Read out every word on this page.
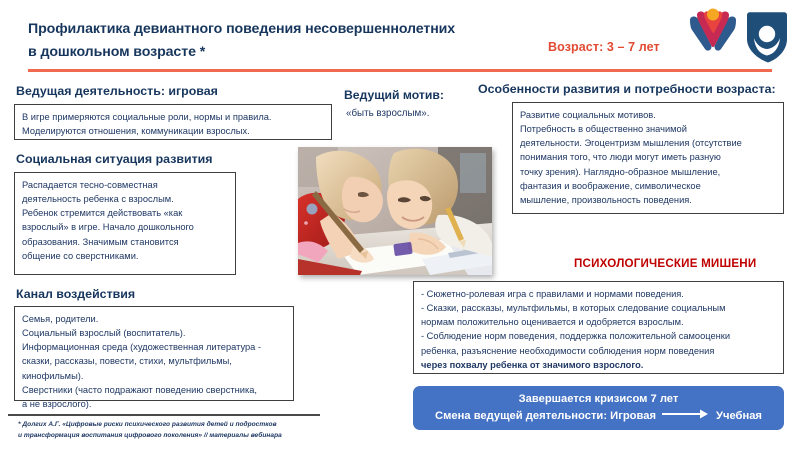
Профилактика девиантного поведения несовершеннолетних
в дошкольном возрасте *	Возраст: 3 – 7 лет
Ведущая деятельность: игровая

В игре примеряются социальные роли, нормы и правила.

Моделируются отношения, коммуникации взрослых.

Социальная ситуация развития

Распадается тесно-совместная

деятельность ребенка с взрослым.

Ребенок стремится действовать «как

взрослый» в игре. Начало дошкольного

образования. Значимым становится

общение со сверстниками.

Канал воздействия

Семья, родители.

Социальный взрослый (воспитатель).

Информационная среда (художественная литература -

сказки, рассказы, повести, стихи, мультфильмы,

кинофильмы).

Сверстники (часто подражают поведению сверстника,

а не взрослого).

Ведущий мотив:
«быть взрослым».
Особенности развития и потребности возраста:

Развитие социальных мотивов.

Потребность в общественно значимой

деятельности. Эгоцентризм мышления (отсутствие

понимания того, что люди могут иметь разную

точку зрения). Наглядно-образное мышление,

фантазия и воображение, символическое

мышление, произвольность поведения.

ПСИХОЛОГИЧЕСКИЕ МИШЕНИ

- Сюжетно-ролевая игра с правилами и нормами поведения.

- Сказки, рассказы, мультфильмы, в которых следование социальным

нормам положительно оценивается и одобряется взрослым.

- Соблюдение норм поведения, поддержка положительной самооценки

ребенка, разъяснение необходимости соблюдения норм поведения

через похвалу ребенка от значимого взрослого.

Завершается кризисом 7 лет
Смена ведущей деятельности: Игровая	Учебная
* Долгих А.Г. «Цифровые риски психического развития детей и подростков
и трансформация воспитания цифрового поколения» // материалы вебинара
